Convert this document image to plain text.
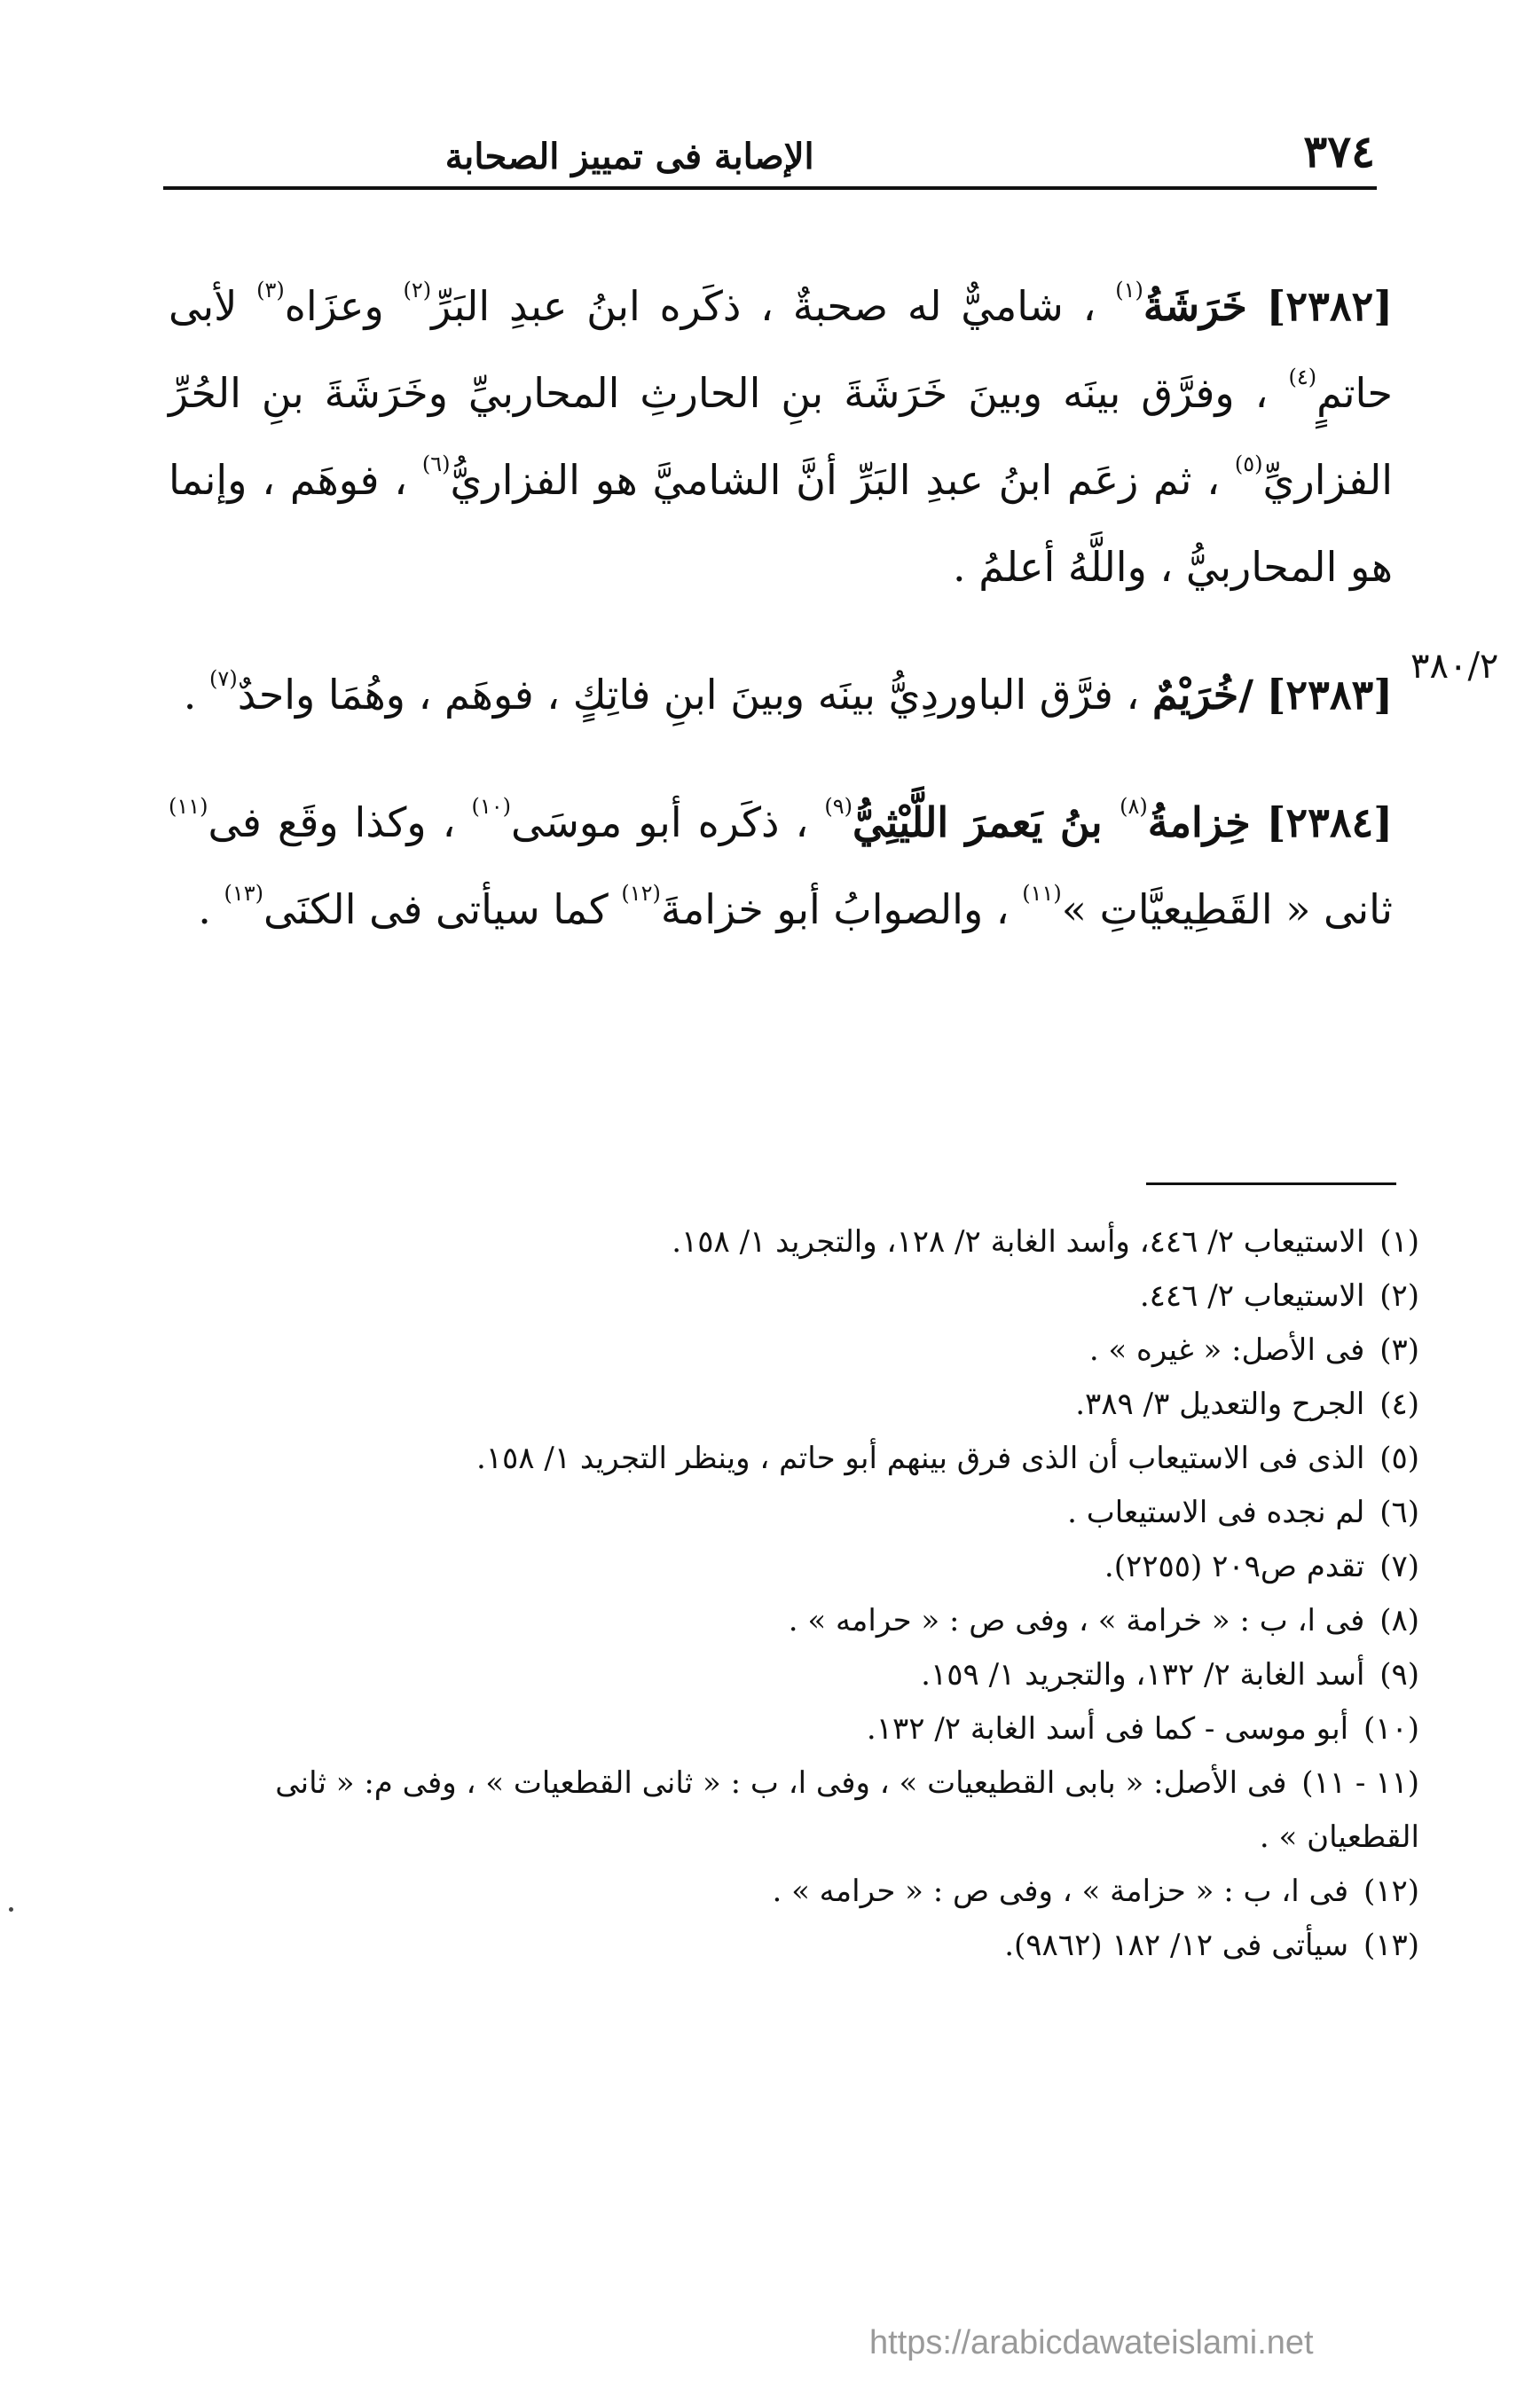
٣٧٤
الإصابة فى تمييز الصحابة
٣٨٠/٢

[٢٣٨٢] خَرَشَةُ$^{(١)}$ ، شاميٌّ له صحبةٌ ، ذكَره ابنُ عبدِ البَرِّ$^{(٢)}$ وعزَاه$^{(٣)}$ لأبى حاتمٍ$^{(٤)}$ ، وفرَّق بينَه وبينَ خَرَشَةَ بنِ الحارثِ المحاربيِّ وخَرَشَةَ بنِ الحُرِّ الفزاريِّ$^{(٥)}$ ، ثم زعَم ابنُ عبدِ البَرِّ أنَّ الشاميَّ هو الفزاريُّ$^{(٦)}$ ، فوهَم ، وإنما هو المحاربيُّ ، واللَّهُ أعلمُ .

[٢٣٨٣] /خُرَيْمٌ ، فرَّق الباوردِيُّ بينَه وبينَ ابنِ فاتِكٍ ، فوهَم ، وهُمَا واحدٌ$^{(٧)}$ .

[٢٣٨٤] خِزامةُ$^{(٨)}$ بنُ يَعمرَ اللَّيْثِيُّ$^{(٩)}$ ، ذكَره أبو موسَى$^{(١٠)}$ ، وكذا وقَع فى$^{(١١)}$ ثانى « القَطِيعيَّاتِ »$^{(١١)}$ ، والصوابُ أبو خزامةَ$^{(١٢)}$ كما سيأتى فى الكنَى$^{(١٣)}$ .

(١) الاستيعاب ٢/ ٤٤٦، وأسد الغابة ٢/ ١٢٨، والتجريد ١/ ١٥٨.
(٢) الاستيعاب ٢/ ٤٤٦.
(٣) فى الأصل: « غيره » .
(٤) الجرح والتعديل ٣/ ٣٨٩.
(٥) الذى فى الاستيعاب أن الذى فرق بينهم أبو حاتم ، وينظر التجريد ١/ ١٥٨.
(٦) لم نجده فى الاستيعاب .
(٧) تقدم ص٢٠٩ (٢٢٥٥).
(٨) فى ا، ب : « خرامة » ، وفى ص : « حرامه » .
(٩) أسد الغابة ٢/ ١٣٢، والتجريد ١/ ١٥٩.
(١٠) أبو موسى - كما فى أسد الغابة ٢/ ١٣٢.
(١١ - ١١) فى الأصل: « بابى القطيعيات » ، وفى ا، ب : « ثانى القطعيات » ، وفى م: « ثانى القطعيان » .
(١٢) فى ا، ب : « حزامة » ، وفى ص : « حرامه » .
(١٣) سيأتى فى ١٢/ ١٨٢ (٩٨٦٢).
https://arabicdawateislami.net
